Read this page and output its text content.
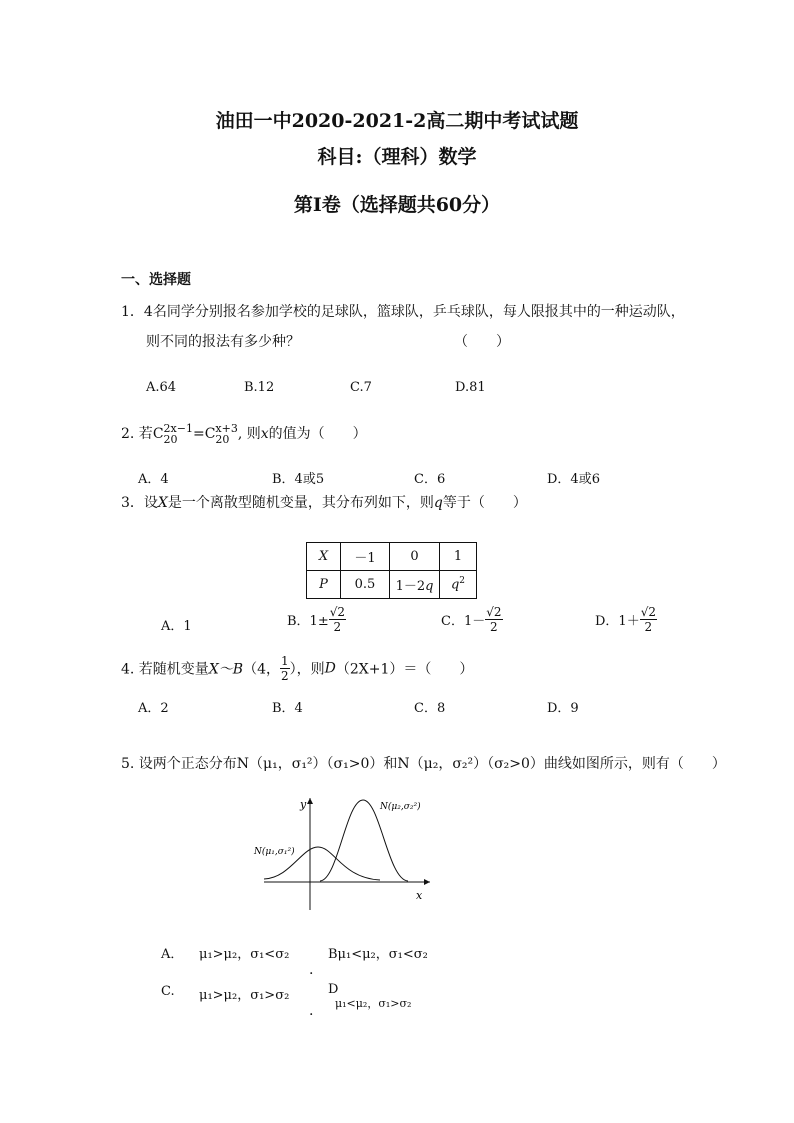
油田一中2020-2021-2高二期中考试试题
科目:（理科）数学
第Ⅰ卷（选择题共60分）
一、选择题
1．4名同学分别报名参加学校的足球队，篮球队，乒乓球队，每人限报其中的一种运动队，
则不同的报法有多少种？	（　　）
A.64	B.12	C.7	D.81
2. 若C 2x−1
20	=C x+3
20 , 则x的值为（　　）
A．4	B．4或5	C．6	D．4或6
3．设X是一个离散型随机变量，其分布列如下，则q等于（　　）
X	－1	0	1
P	0.5	1－2q	$q^2$
A．1	B．$1\pm \frac{√2}{2}$	C．$1- \frac{√2}{2}$	D．$1+ \frac{√2}{2}$
4. 若随机变量X～B（4， $\frac{1}{2}$ ），则D（2X+1）＝（　　）
A．2	B．4	C．8	D．9
5. 设两个正态分布N（μ₁，σ₁²）（σ₁>0）和N（μ₂，σ₂²）（σ₂>0）曲线如图所示，则有（　　）
y
x
N(μ₁,σ₁²)
N(μ₂,σ₂²)
A． μ₁>μ₂，σ₁<σ₂	Bμ₁<μ₂，σ₁<σ₂
.
C. μ₁>μ₂，σ₁>σ₂	D
μ₁<μ₂，σ₁>σ₂
.
